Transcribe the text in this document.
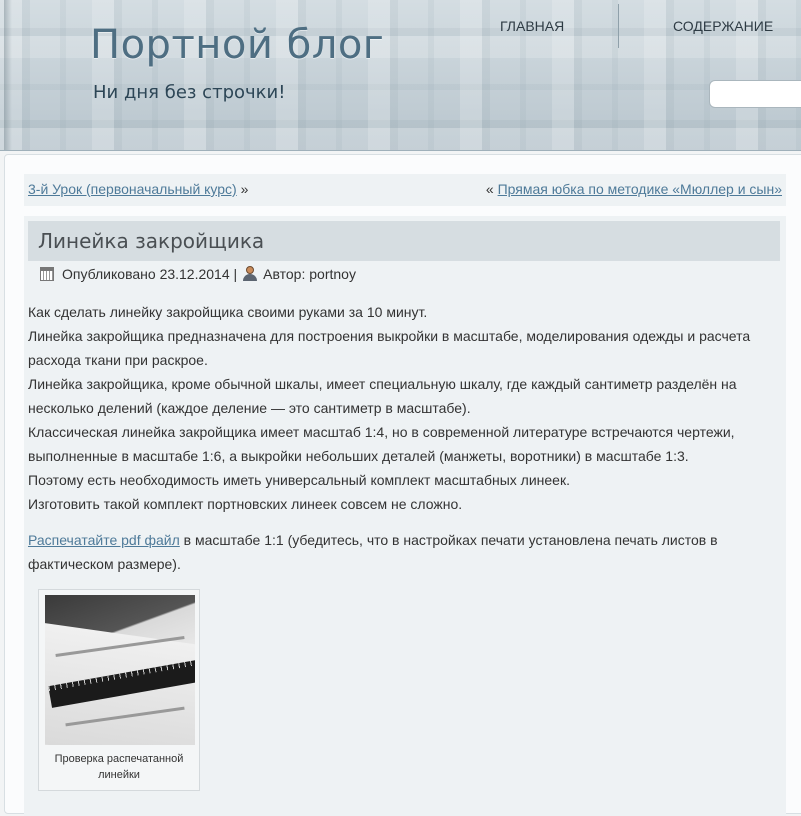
Портной блог
Ни дня без строчки!
ГЛАВНАЯ	СОДЕРЖАНИЕ
3-й Урок (первоначальный курс) »	« Прямая юбка по методике «Мюллер и сын»
Линейка закройщика
Опубликовано
23.12.2014
| Автор:
portnoy

Как сделать линейку закройщика своими руками за 10 минут.

Линейка закройщика предназначена для построения выкройки в масштабе, моделирования одежды и расчета расхода ткани при раскрое.

Линейка закройщика, кроме обычной шкалы, имеет специальную шкалу, где каждый сантиметр разделён на несколько делений (каждое деление — это сантиметр в масштабе).

Классическая линейка закройщика имеет масштаб 1:4, но в современной литературе встречаются чертежи, выполненные в масштабе 1:6, а выкройки небольших деталей (манжеты, воротники) в масштабе 1:3.

Поэтому есть необходимость иметь универсальный комплект масштабных линеек.

Изготовить такой комплект портновских линеек совсем не сложно.

Распечатайте pdf файл в масштабе 1:1 (убедитесь, что в настройках печати установлена печать листов в фактическом размере).
Проверка распечатанной линейки
